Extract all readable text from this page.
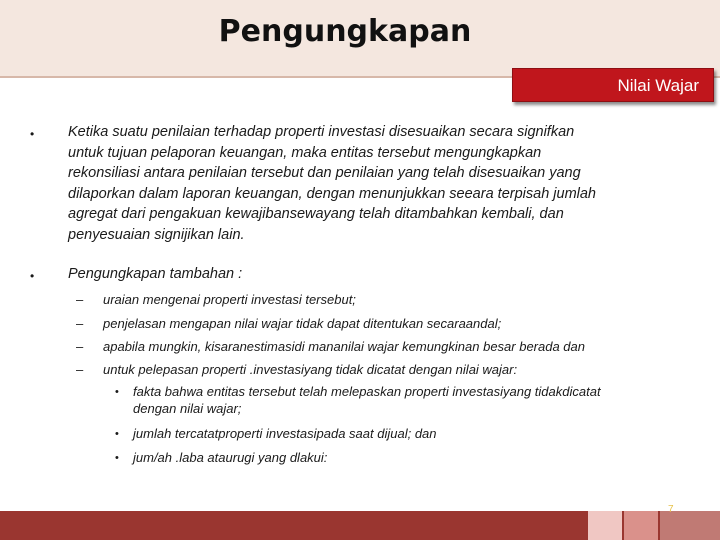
Pengungkapan
Nilai Wajar
• Ketika suatu penilaian terhadap properti investasi disesuaikan secara signifkan
untuk tujuan pelaporan keuangan, maka entitas tersebut mengungkapkan
rekonsiliasi antara penilaian tersebut dan penilaian yang telah disesuaikan yang
dilaporkan dalam laporan keuangan, dengan menunjukkan seeara terpisah jumlah
agregat dari pengakuan kewajibansewayang telah ditambahkan kembali, dan
penyesuaian signijikan lain.
• Pengungkapan tambahan :
– uraian mengenai properti investasi tersebut;
– penjelasan mengapan nilai wajar tidak dapat ditentukan secaraandal;
– apabila mungkin, kisaranestimasidi mananilai wajar kemungkinan besar berada dan
– untuk pelepasan properti .investasiyang tidak dicatat dengan nilai wajar:
• fakta bahwa entitas tersebut telah melepaskan properti investasiyang tidakdicatat
dengan nilai wajar;
• jumlah tercatatproperti investasipada saat dijual; dan
• jum/ah .laba ataurugi yang dlakui:
7
